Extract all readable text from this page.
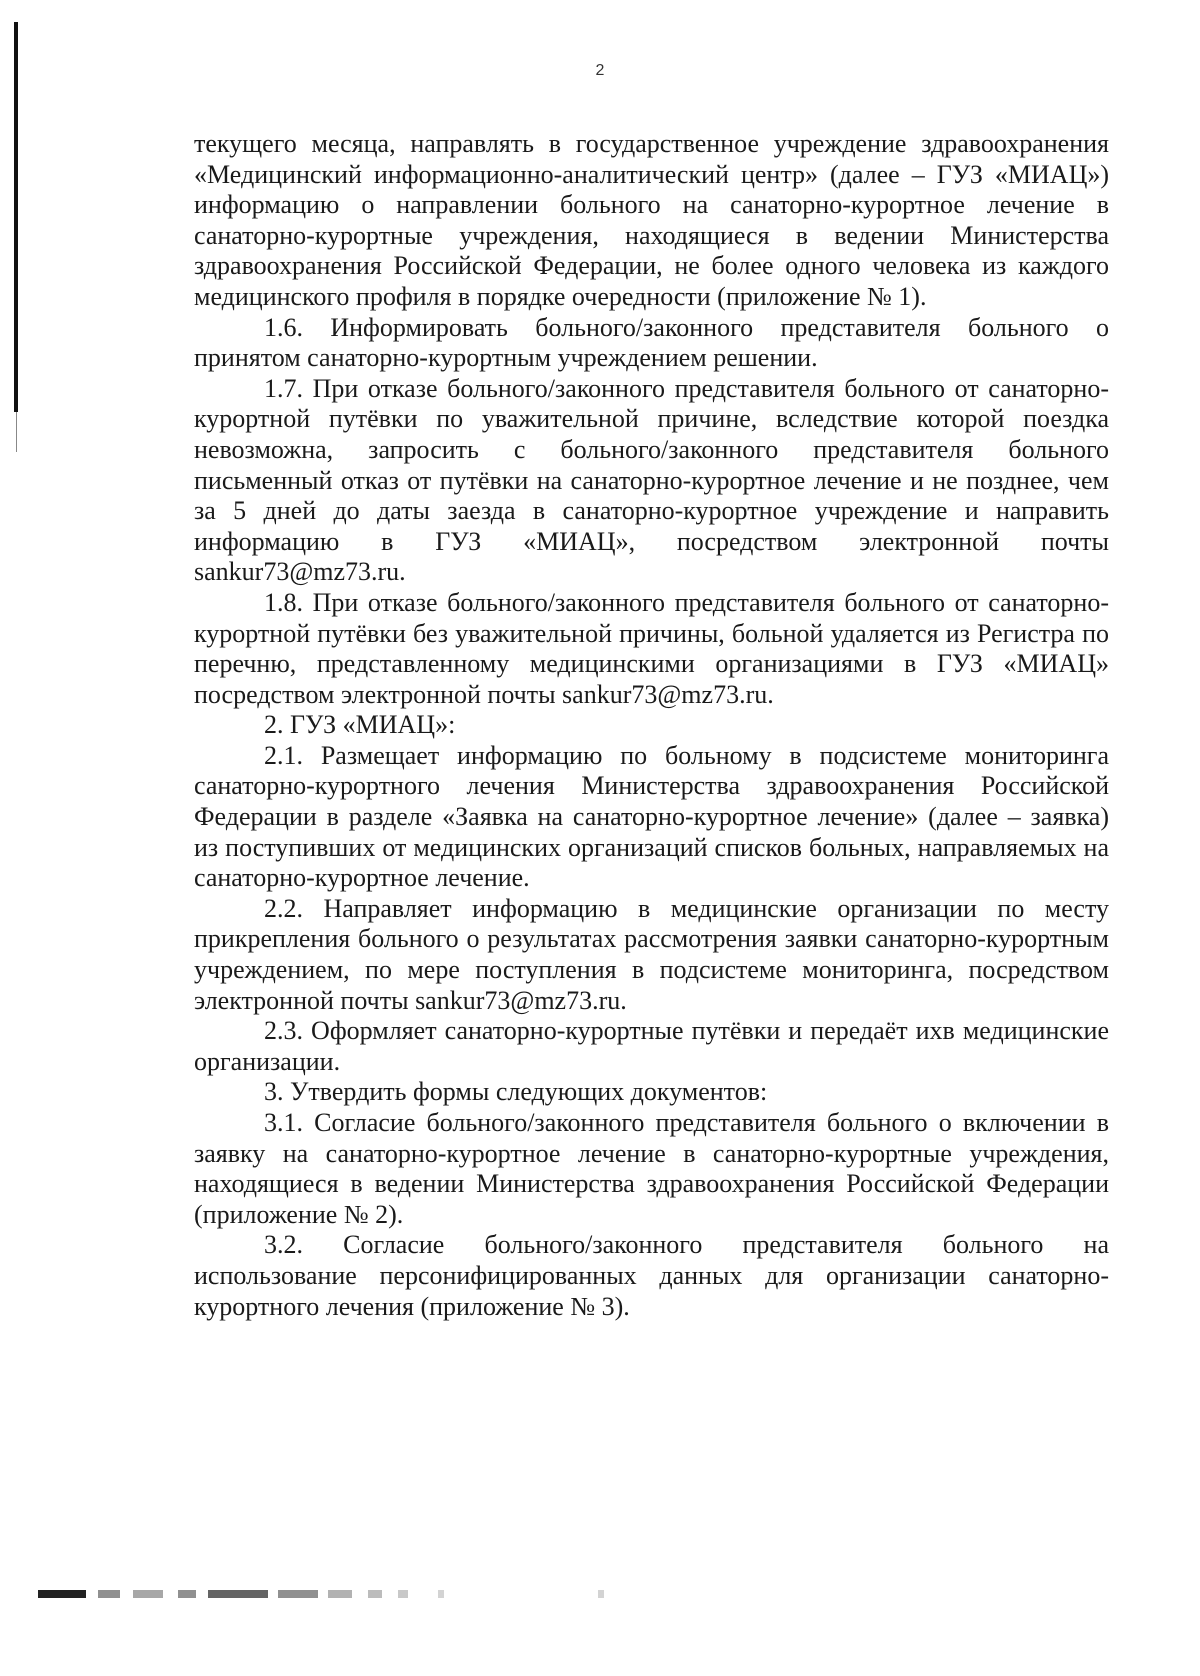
2

текущего месяца, направлять в государственное учреждение здравоохранения «Медицинский информационно-аналитический центр» (далее – ГУЗ «МИАЦ») информацию о направлении больного на санаторно-курортное лечение в санаторно-курортные учреждения, находящиеся в ведении Министерства здравоохранения Российской Федерации, не более одного человека из каждого медицинского профиля в порядке очередности (приложение № 1).

1.6. Информировать больного/законного представителя больного о принятом санаторно-курортным учреждением решении.

1.7. При отказе больного/законного представителя больного от санаторно-курортной путёвки по уважительной причине, вследствие которой поездка невозможна, запросить с больного/законного представителя больного письменный отказ от путёвки на санаторно-курортное лечение и не позднее, чем за 5 дней до даты заезда в санаторно-курортное учреждение и направить информацию в ГУЗ «МИАЦ», посредством электронной почты sankur73@mz73.ru.

1.8. При отказе больного/законного представителя больного от санаторно-курортной путёвки без уважительной причины, больной удаляется из Регистра по перечню, представленному медицинскими организациями в ГУЗ «МИАЦ» посредством электронной почты sankur73@mz73.ru.

2. ГУЗ «МИАЦ»:

2.1. Размещает информацию по больному в подсистеме мониторинга санаторно-курортного лечения Министерства здравоохранения Российской Федерации в разделе «Заявка на санаторно-курортное лечение» (далее – заявка) из поступивших от медицинских организаций списков больных, направляемых на санаторно-курортное лечение.

2.2. Направляет информацию в медицинские организации по месту прикрепления больного о результатах рассмотрения заявки санаторно-курортным учреждением, по мере поступления в подсистеме мониторинга, посредством электронной почты sankur73@mz73.ru.

2.3. Оформляет санаторно-курортные путёвки и передаёт ихв медицинские организации.

3. Утвердить формы следующих документов:

3.1. Согласие больного/законного представителя больного о включении в заявку на санаторно-курортное лечение в санаторно-курортные учреждения, находящиеся в ведении Министерства здравоохранения Российской Федерации (приложение № 2).

3.2. Согласие больного/законного представителя больного на использование персонифицированных данных для организации санаторно-курортного лечения (приложение № 3).
